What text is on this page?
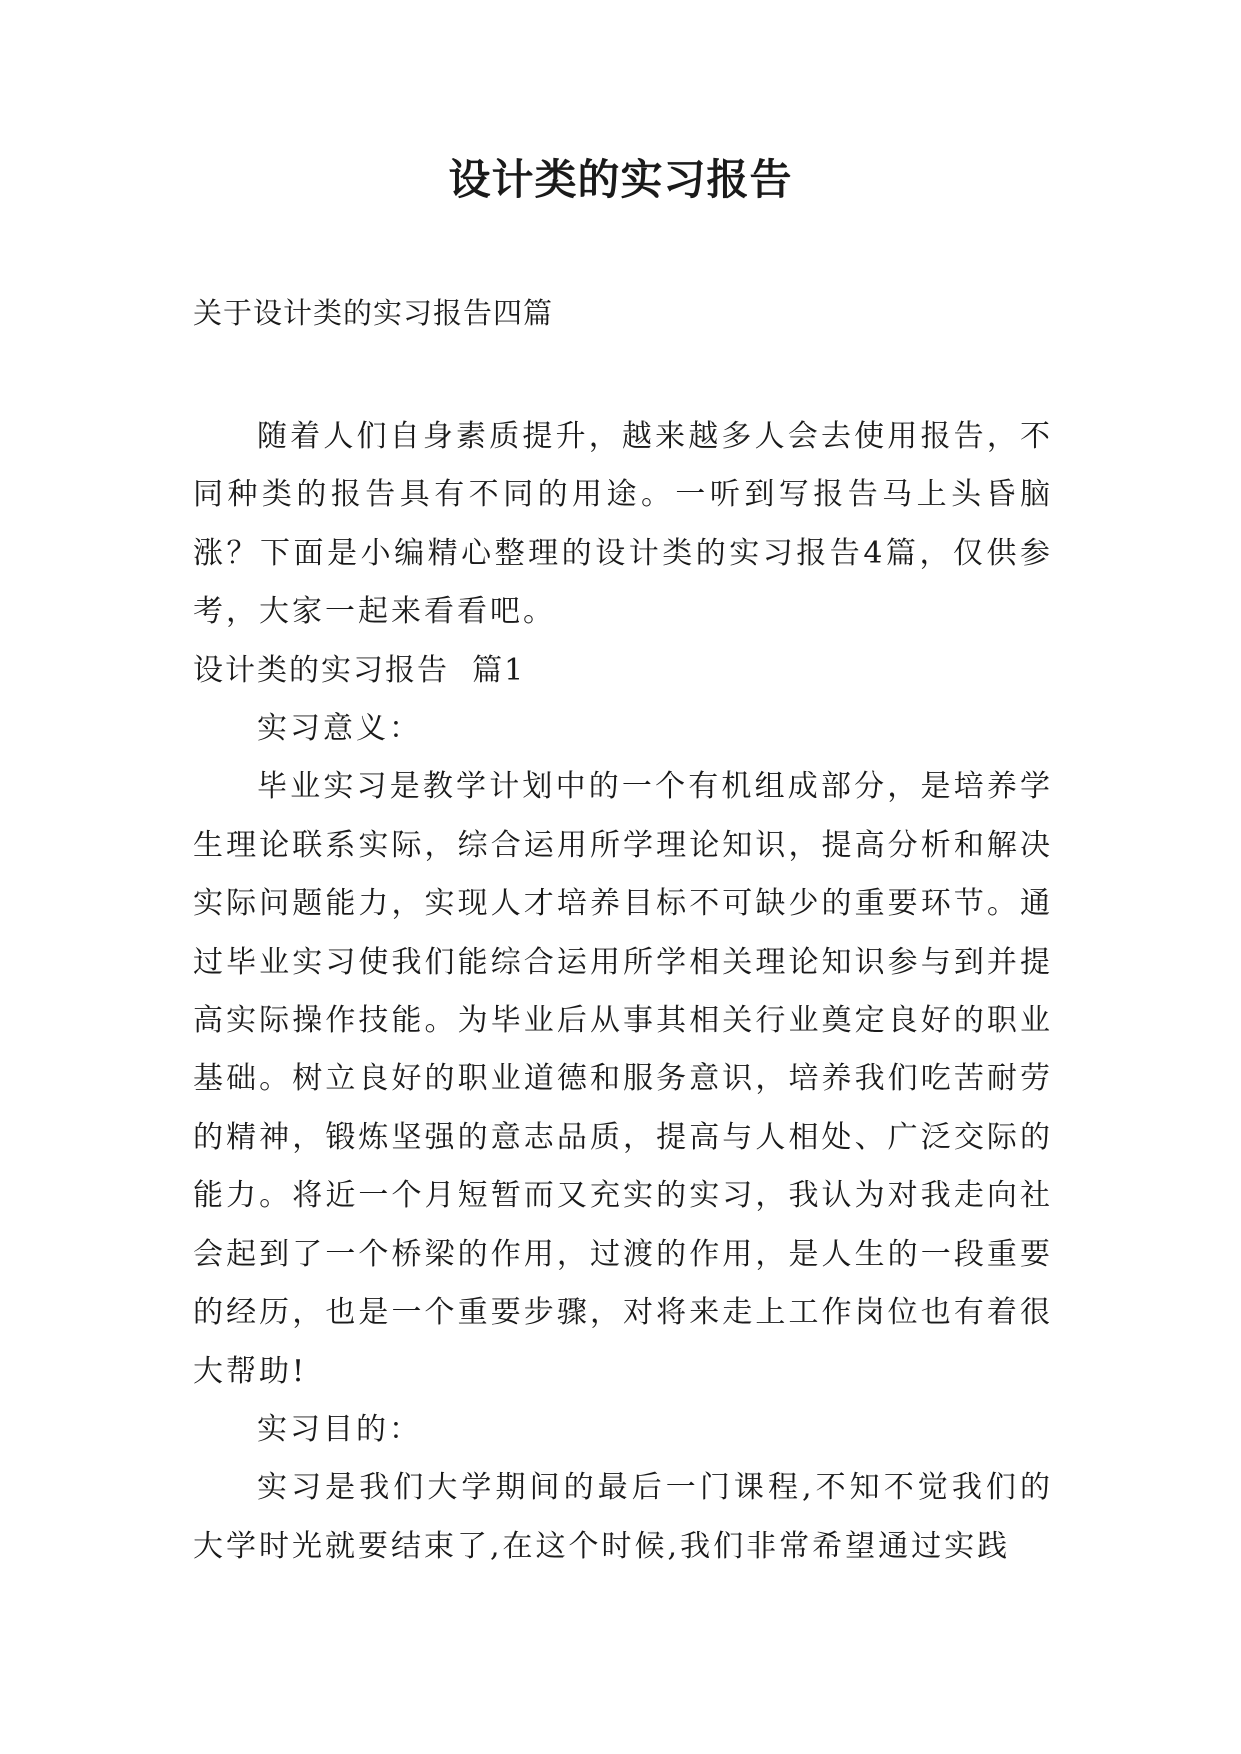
设计类的实习报告

关于设计类的实习报告四篇

随着人们自身素质提升，越来越多人会去使用报告，不同种类的报告具有不同的用途。一听到写报告马上头昏脑涨？下面是小编精心整理的设计类的实习报告4篇，仅供参考，大家一起来看看吧。

设计类的实习报告  篇1

实习意义：

毕业实习是教学计划中的一个有机组成部分，是培养学生理论联系实际，综合运用所学理论知识，提高分析和解决实际问题能力，实现人才培养目标不可缺少的重要环节。通过毕业实习使我们能综合运用所学相关理论知识参与到并提高实际操作技能。为毕业后从事其相关行业奠定良好的职业基础。树立良好的职业道德和服务意识，培养我们吃苦耐劳的精神，锻炼坚强的意志品质，提高与人相处、广泛交际的能力。将近一个月短暂而又充实的实习，我认为对我走向社会起到了一个桥梁的作用，过渡的作用，是人生的一段重要的经历，也是一个重要步骤，对将来走上工作岗位也有着很大帮助!

实习目的：

实习是我们大学期间的最后一门课程,不知不觉我们的大学时光就要结束了,在这个时候,我们非常希望通过实践
